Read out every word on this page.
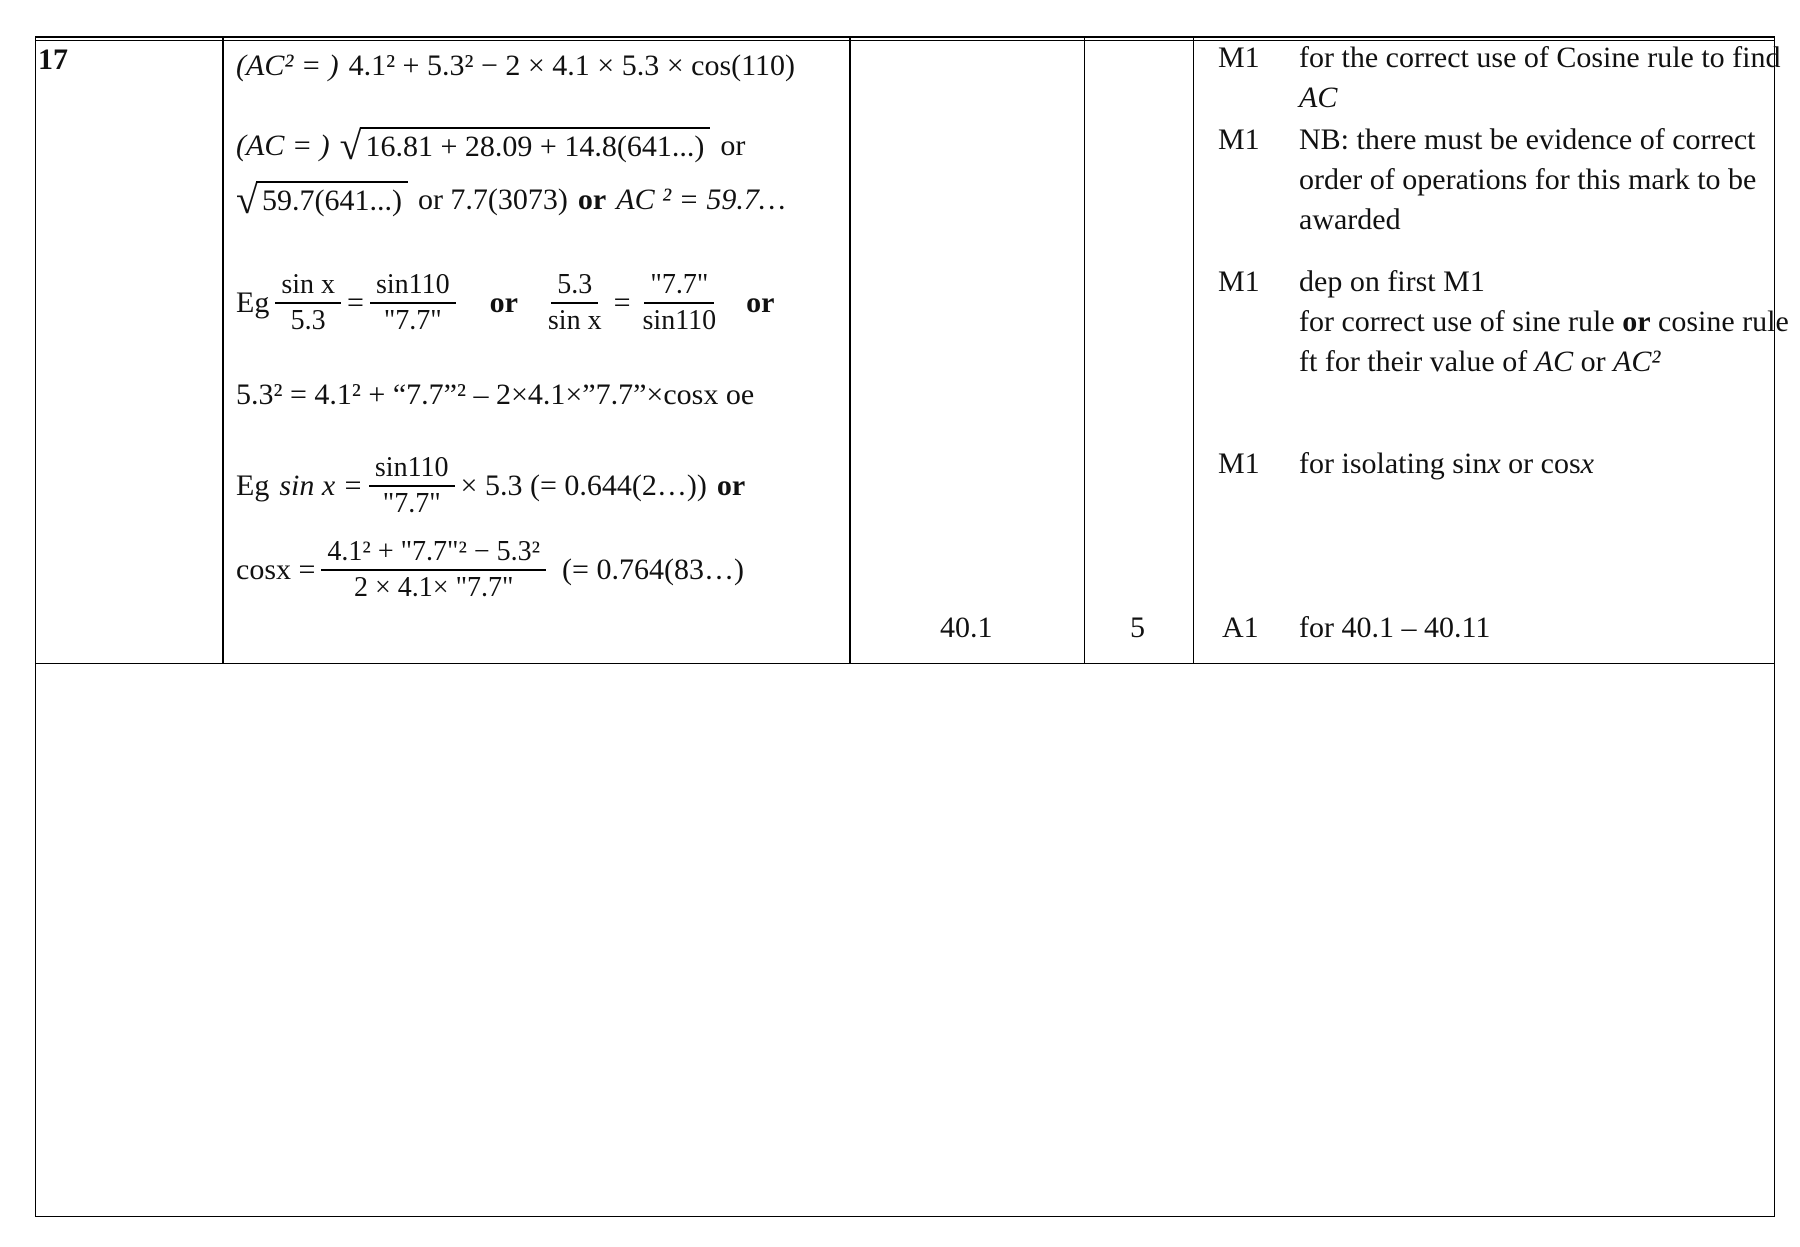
17	(AC² = ) 4.1² + 5.3² − 2 × 4.1 × 5.3 × cos(110)
(AC = ) √ 16.81 + 28.09 + 14.8(641...) or
√ 59.7(641...) or 7.7(3073) or AC ² = 59.7…
Eg $\frac{\text{sin x}}{5.3} = \frac{\sin 110}{"7.7"}$ or $\frac{5.3}{\text{sin x}} = \frac{"7.7"}{\sin 110}$ or
5.3² = 4.1² + “7.7”² – 2×4.1×”7.7”×cosx oe
Eg $\sin x = \frac{\sin 110}{"7.7"} \times 5.3$ (= 0.644(2…)) or
$\cos x = \frac{\text{4.1² + "7.7"² − 5.3²}}{2 \times 4.1\times "7.7"}$ (= 0.764(83…)
40.1	5
M1
M1
M1
M1
A1
for the correct use of Cosine rule to find AC
NB: there must be evidence of correct order of operations for this mark to be awarded
dep on first M1
for correct use of sine rule or cosine rule ft for their value of AC or AC²
for isolating sinx or cosx
for 40.1 – 40.11
